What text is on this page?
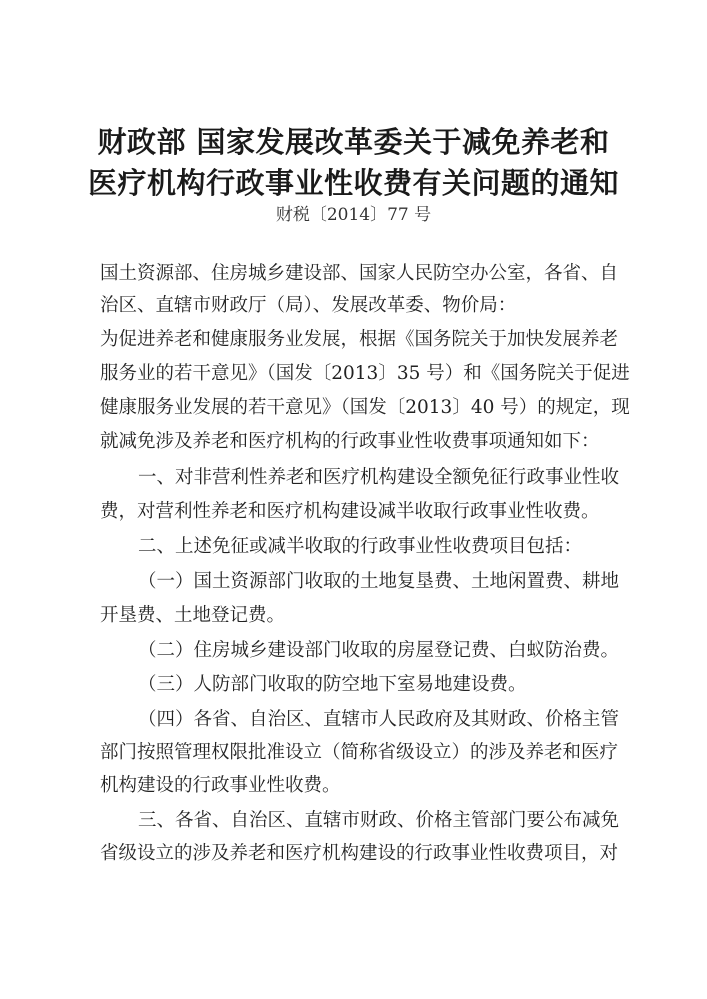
财政部 国家发展改革委关于减免养老和
医疗机构行政事业性收费有关问题的通知
财税〔2014〕77 号
国土资源部、住房城乡建设部、国家人民防空办公室，各省、自
治区、直辖市财政厅（局）、发展改革委、物价局：
为促进养老和健康服务业发展，根据《国务院关于加快发展养老
服务业的若干意见》（国发〔2013〕35 号）和《国务院关于促进
健康服务业发展的若干意见》（国发〔2013〕40 号）的规定，现
就减免涉及养老和医疗机构的行政事业性收费事项通知如下：
一、对非营利性养老和医疗机构建设全额免征行政事业性收
费，对营利性养老和医疗机构建设减半收取行政事业性收费。
二、上述免征或减半收取的行政事业性收费项目包括：
（一）国土资源部门收取的土地复垦费、土地闲置费、耕地
开垦费、土地登记费。
（二）住房城乡建设部门收取的房屋登记费、白蚁防治费。
（三）人防部门收取的防空地下室易地建设费。
（四）各省、自治区、直辖市人民政府及其财政、价格主管
部门按照管理权限批准设立（简称省级设立）的涉及养老和医疗
机构建设的行政事业性收费。
三、各省、自治区、直辖市财政、价格主管部门要公布减免
省级设立的涉及养老和医疗机构建设的行政事业性收费项目，对
